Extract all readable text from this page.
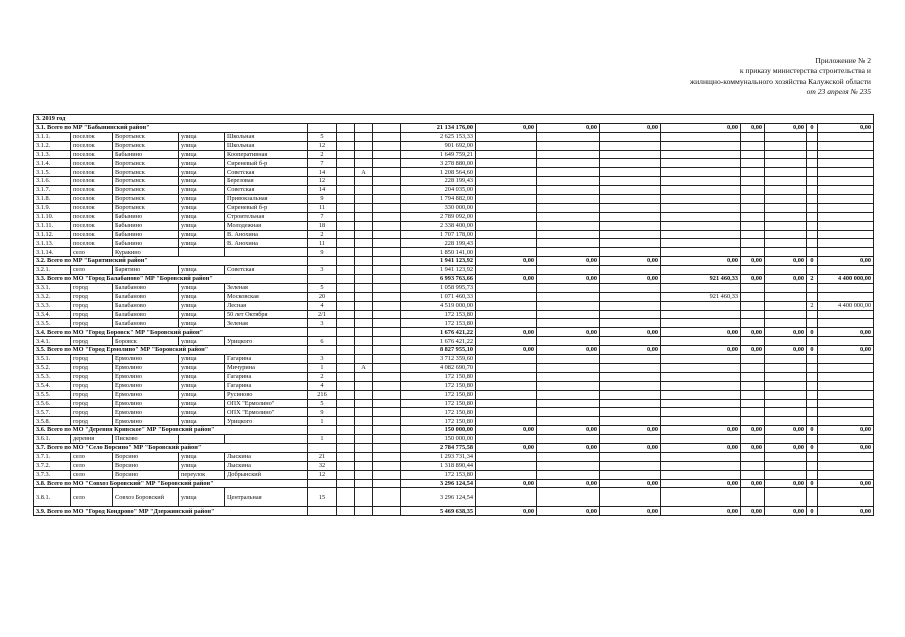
Приложение № 2
к приказу министерства строительства и
жилищно-коммунального хозяйства Калужской области
от 23 апреля № 235
3. 2019 год																	
3.1. Всего по МР "Бабынинский район"									21 134 176,00	0,00	0,00	0,00	0,00	0,00	0,00	0	0,00
3.1.1.	поселок	Воротынск	улица	Школьная	5				2 625 153,33								
3.1.2.	поселок	Воротынск	улица	Школьная	12				901 692,00								
3.1.3.	поселок	Бабынино	улица	Кооперативная	2				1 649 759,21								
3.1.4.	поселок	Воротынск	улица	Сиреневый б-р	7				3 278 880,00								
3.1.5.	поселок	Воротынск	улица	Советская	14		А		1 208 564,60								
3.1.6.	поселок	Воротынск	улица	Березовая	12				228 199,43								
3.1.7.	поселок	Воротынск	улица	Советская	14				204 035,00								
3.1.8.	поселок	Воротынск	улица	Привокзальная	9				1 794 882,00								
3.1.9.	поселок	Воротынск	улица	Сиреневый б-р	11				330 000,00								
3.1.10.	поселок	Бабынино	улица	Строительная	7				2 789 092,00								
3.1.11.	поселок	Бабынино	улица	Молодежная	18				2 338 400,00								
3.1.12.	поселок	Бабынино	улица	В. Анохина	2				1 707 178,00								
3.1.13.	поселок	Бабынино	улица	В. Анохина	11				228 199,43								
3.1.14.	село	Куракино			9				1 850 141,00								
3.2. Всего по МР "Барятинский район"									1 941 123,92	0,00	0,00	0,00	0,00	0,00	0,00	0	0,00
3.2.1.	село	Барятино	улица	Советская	3				1 941 123,92								
3.3. Всего по МО "Город Балабаново" МР "Боровский район"									6 993 763,66	0,00	0,00	0,00	921 460,33	0,00	0,00	2	4 400 000,00
3.3.1.	город	Балабаново	улица	Зеленая	5				1 058 995,73								
3.3.2.	город	Балабаново	улица	Московская	20				1 071 460,33				921 460,33				
3.3.3.	город	Балабаново	улица	Лесная	4				4 519 000,00							2	4 400 000,00
3.3.4.	город	Балабаново	улица	50 лет Октября	2/1				172 153,80								
3.3.5.	город	Балабаново	улица	Зеленая	3				172 153,80								
3.4. Всего по МО "Город Боровск" МР "Боровский район"									1 676 421,22	0,00	0,00	0,00	0,00	0,00	0,00	0	0,00
3.4.1.	город	Боровск	улица	Урицкого	6				1 676 421,22								
3.5. Всего по МО "Город Ермолино" МР "Боровский район"									8 827 955,10	0,00	0,00	0,00	0,00	0,00	0,00	0	0,00
3.5.1.	город	Ермолино	улица	Гагарина	3				3 712 359,60								
3.5.2.	город	Ермолино	улица	Мичурина	1		А		4 082 690,70								
3.5.3.	город	Ермолино	улица	Гагарина	2				172 150,80								
3.5.4.	город	Ермолино	улица	Гагарина	4				172 150,80								
3.5.5.	город	Ермолино	улица	Русиново	216				172 150,80								
3.5.6.	город	Ермолино	улица	ОПХ "Ермолино"	5				172 150,80								
3.5.7.	город	Ермолино	улица	ОПХ "Ермолино"	9				172 150,80								
3.5.8.	город	Ермолино	улица	Урицкого	1				172 150,80								
3.6. Всего по МО "Деревня Кривское" МР "Боровский район"									150 000,00	0,00	0,00	0,00	0,00	0,00	0,00	0	0,00
3.6.1.	деревня	Писково			1				150 000,00								
3.7. Всего по МО "Село Ворсино" МР "Боровский район"									2 784 775,58	0,00	0,00	0,00	0,00	0,00	0,00	0	0,00
3.7.1.	село	Ворсино	улица	Лыскина	21				1 293 731,34								
3.7.2.	село	Ворсино	улица	Лыскина	32				1 318 890,44								
3.7.3.	село	Ворсино	переулок	Добрынский	12				172 153,80								
3.8. Всего по МО "Совхоз Боровский" МР "Боровский район"									3 296 124,54	0,00	0,00	0,00	0,00	0,00	0,00	0	0,00
3.8.1.	село	Совхоз Боровский	улица	Центральная	15				3 296 124,54								
3.9. Всего по МО "Город Кондрово" МР "Дзержинский район"									5 469 638,35	0,00	0,00	0,00	0,00	0,00	0,00	0	0,00
